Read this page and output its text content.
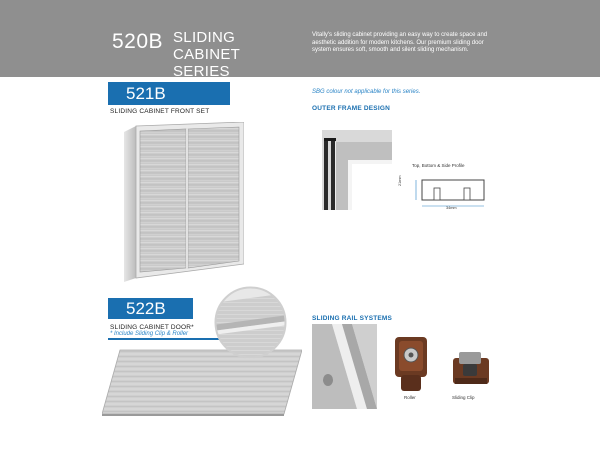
520B SLIDING CABINET
SERIES
Vitally's sliding cabinet providing an easy way to create space and aesthetic addition for modern kitchens. Our premium sliding door system ensures soft, smooth and silent sliding mechanism.
521B
SLIDING CABINET FRONT SET
522B
SLIDING CABINET DOOR*
* Include Sliding Clip & Roller
SBG colour not applicable for this series.
OUTER FRAME DESIGN
Top, Bottom & Side Profile
21mm
34mm
SLIDING RAIL SYSTEMS
Roller	Sliding Clip
